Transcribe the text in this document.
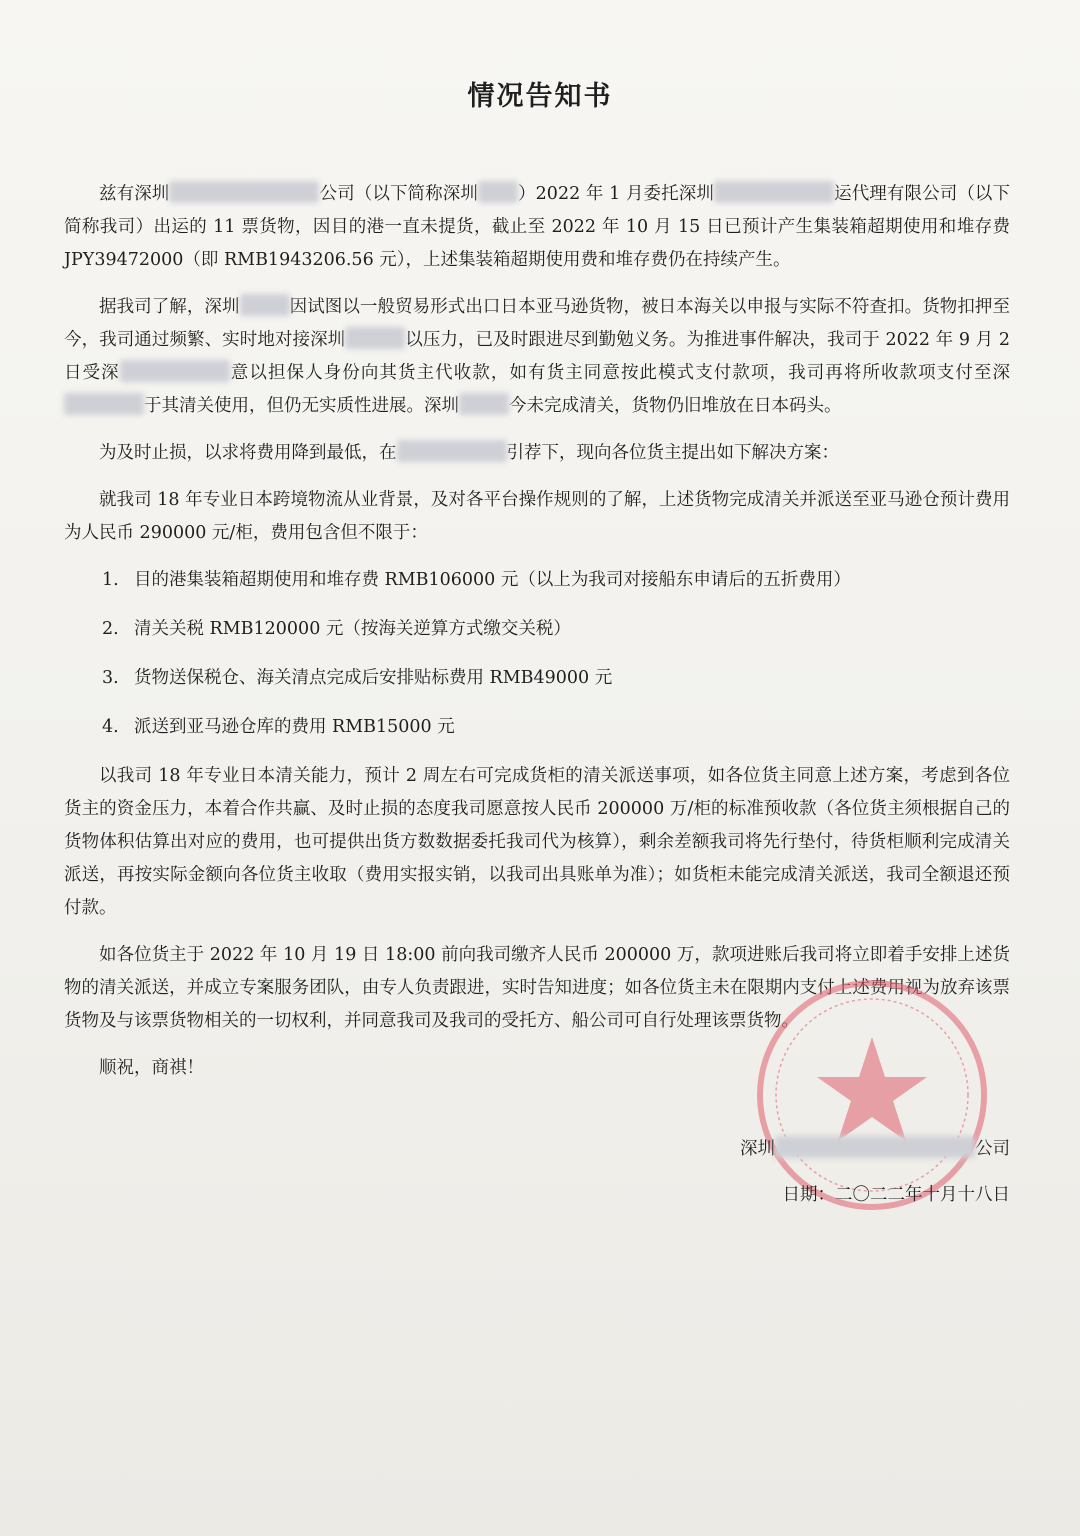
情况告知书

兹有深圳	公司（以下简称深圳 ）2022 年 1 月委托深圳	运代理有限公司（以下简称我司）出运的 11 票货物，因目的港一直未提货，截止至 2022 年 10 月 15 日已预计产生集装箱超期使用和堆存费 JPY39472000（即 RMB1943206.56 元），上述集装箱超期使用费和堆存费仍在持续产生。

据我司了解，深圳	因试图以一般贸易形式出口日本亚马逊货物，被日本海关以申报与实际不符查扣。货物扣押至今，我司通过频繁、实时地对接深圳	以压力，已及时跟进尽到勤勉义务。为推进事件解决，我司于 2022 年 9 月 2 日受深	意以担保人身份向其货主代收款，如有货主同意按此模式支付款项，我司再将所收款项支付至深于其清关使用，但仍无实质性进展。深圳	今未完成清关，货物仍旧堆放在日本码头。

为及时止损，以求将费用降到最低，在	引荐下，现向各位货主提出如下解决方案：

就我司 18 年专业日本跨境物流从业背景，及对各平台操作规则的了解，上述货物完成清关并派送至亚马逊仓预计费用为人民币 290000 元/柜，费用包含但不限于：

1. 目的港集装箱超期使用和堆存费 RMB106000 元（以上为我司对接船东申请后的五折费用）
2. 清关关税 RMB120000 元（按海关逆算方式缴交关税）
3. 货物送保税仓、海关清点完成后安排贴标费用 RMB49000 元
4. 派送到亚马逊仓库的费用 RMB15000 元

以我司 18 年专业日本清关能力，预计 2 周左右可完成货柜的清关派送事项，如各位货主同意上述方案，考虑到各位货主的资金压力，本着合作共赢、及时止损的态度我司愿意按人民币 200000 万/柜的标准预收款（各位货主须根据自己的货物体积估算出对应的费用，也可提供出货方数数据委托我司代为核算），剩余差额我司将先行垫付，待货柜顺利完成清关派送，再按实际金额向各位货主收取（费用实报实销，以我司出具账单为准）；如货柜未能完成清关派送，我司全额退还预付款。

如各位货主于 2022 年 10 月 19 日 18:00 前向我司缴齐人民币 200000 万，款项进账后我司将立即着手安排上述货物的清关派送，并成立专案服务团队，由专人负责跟进，实时告知进度；如各位货主未在限期内支付上述费用视为放弃该票货物及与该票货物相关的一切权利，并同意我司及我司的受托方、船公司可自行处理该票货物。

顺祝，商祺！

深圳	公司
日期：二〇二二年十月十八日
